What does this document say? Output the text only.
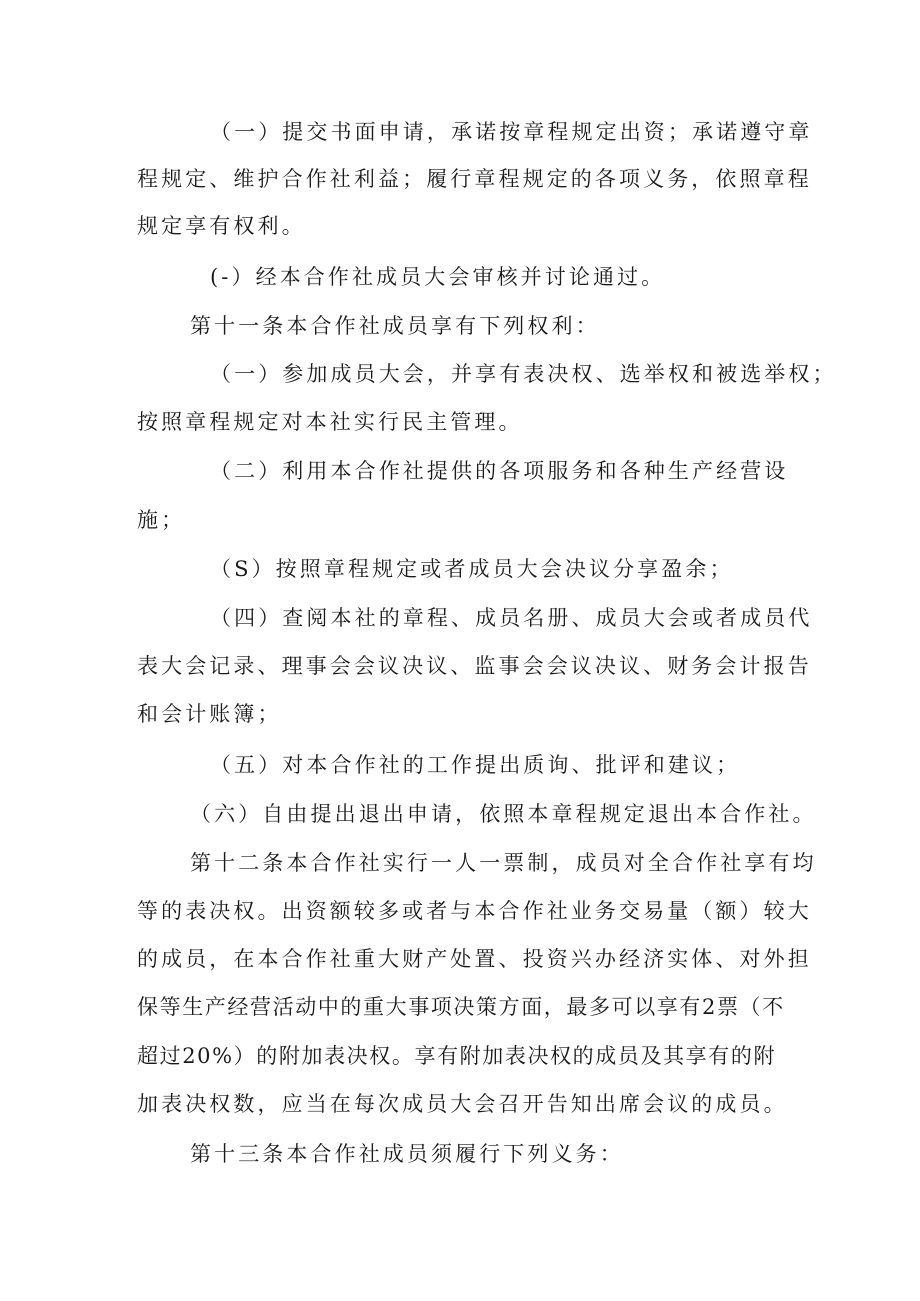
（一）提交书面申请，承诺按章程规定出资；承诺遵守章
程规定、维护合作社利益；履行章程规定的各项义务，依照章程
规定享有权利。
(-）经本合作社成员大会审核并讨论通过。
第十一条本合作社成员享有下列权利：
（一）参加成员大会，并享有表决权、选举权和被选举权；
按照章程规定对本社实行民主管理。
（二）利用本合作社提供的各项服务和各种生产经营设
施；
（S）按照章程规定或者成员大会决议分享盈余；
（四）查阅本社的章程、成员名册、成员大会或者成员代
表大会记录、理事会会议决议、监事会会议决议、财务会计报告
和会计账簿；
（五）对本合作社的工作提出质询、批评和建议；
（六）自由提出退出申请，依照本章程规定退出本合作社。
第十二条本合作社实行一人一票制，成员对全合作社享有均
等的表决权。出资额较多或者与本合作社业务交易量（额）较大
的成员，在本合作社重大财产处置、投资兴办经济实体、对外担
保等生产经营活动中的重大事项决策方面，最多可以享有2票（不
超过20%）的附加表决权。享有附加表决权的成员及其享有的附
加表决权数，应当在每次成员大会召开告知出席会议的成员。
第十三条本合作社成员须履行下列义务：
